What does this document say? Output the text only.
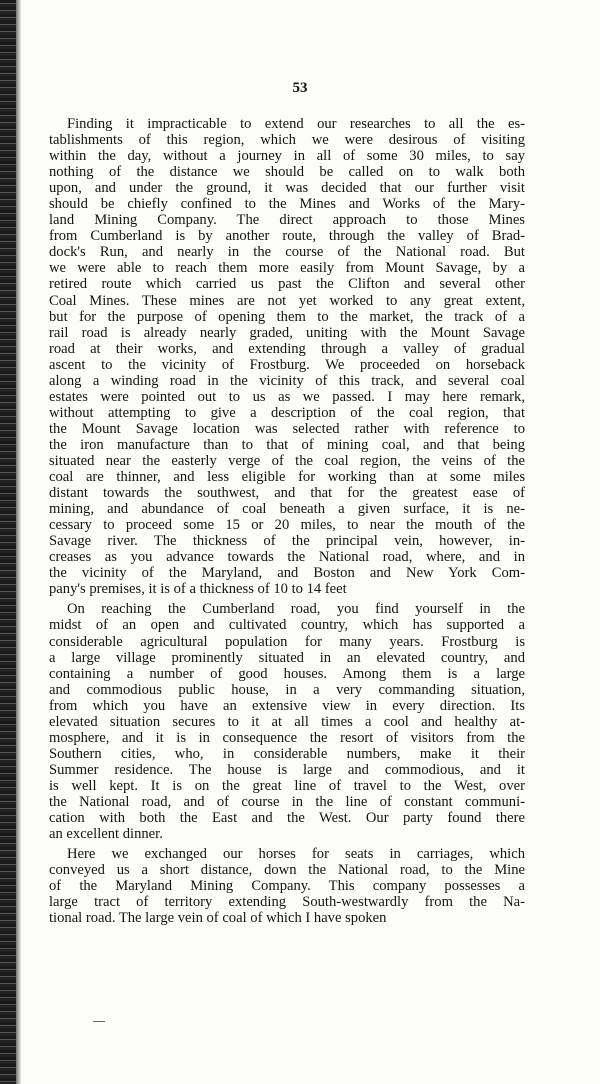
53
Finding it impracticable to extend our researches to all the es-
tablishments of this region, which we were desirous of visiting
within the day, without a journey in all of some 30 miles, to say
nothing of the distance we should be called on to walk both
upon, and under the ground, it was decided that our further visit
should be chiefly confined to the Mines and Works of the Mary-
land Mining Company. The direct approach to those Mines
from Cumberland is by another route, through the valley of Brad-
dock's Run, and nearly in the course of the National road. But
we were able to reach them more easily from Mount Savage, by a
retired route which carried us past the Clifton and several other
Coal Mines. These mines are not yet worked to any great extent,
but for the purpose of opening them to the market, the track of a
rail road is already nearly graded, uniting with the Mount Savage
road at their works, and extending through a valley of gradual
ascent to the vicinity of Frostburg. We proceeded on horseback
along a winding road in the vicinity of this track, and several coal
estates were pointed out to us as we passed. I may here remark,
without attempting to give a description of the coal region, that
the Mount Savage location was selected rather with reference to
the iron manufacture than to that of mining coal, and that being
situated near the easterly verge of the coal region, the veins of the
coal are thinner, and less eligible for working than at some miles
distant towards the southwest, and that for the greatest ease of
mining, and abundance of coal beneath a given surface, it is ne-
cessary to proceed some 15 or 20 miles, to near the mouth of the
Savage river. The thickness of the principal vein, however, in-
creases as you advance towards the National road, where, and in
the vicinity of the Maryland, and Boston and New York Com-
pany's premises, it is of a thickness of 10 to 14 feet
On reaching the Cumberland road, you find yourself in the
midst of an open and cultivated country, which has supported a
considerable agricultural population for many years. Frostburg is
a large village prominently situated in an elevated country, and
containing a number of good houses. Among them is a large
and commodious public house, in a very commanding situation,
from which you have an extensive view in every direction. Its
elevated situation secures to it at all times a cool and healthy at-
mosphere, and it is in consequence the resort of visitors from the
Southern cities, who, in considerable numbers, make it their
Summer residence. The house is large and commodious, and it
is well kept. It is on the great line of travel to the West, over
the National road, and of course in the line of constant communi-
cation with both the East and the West. Our party found there
an excellent dinner.
Here we exchanged our horses for seats in carriages, which
conveyed us a short distance, down the National road, to the Mine
of the Maryland Mining Company. This company possesses a
large tract of territory extending South-westwardly from the Na-
tional road. The large vein of coal of which I have spoken
